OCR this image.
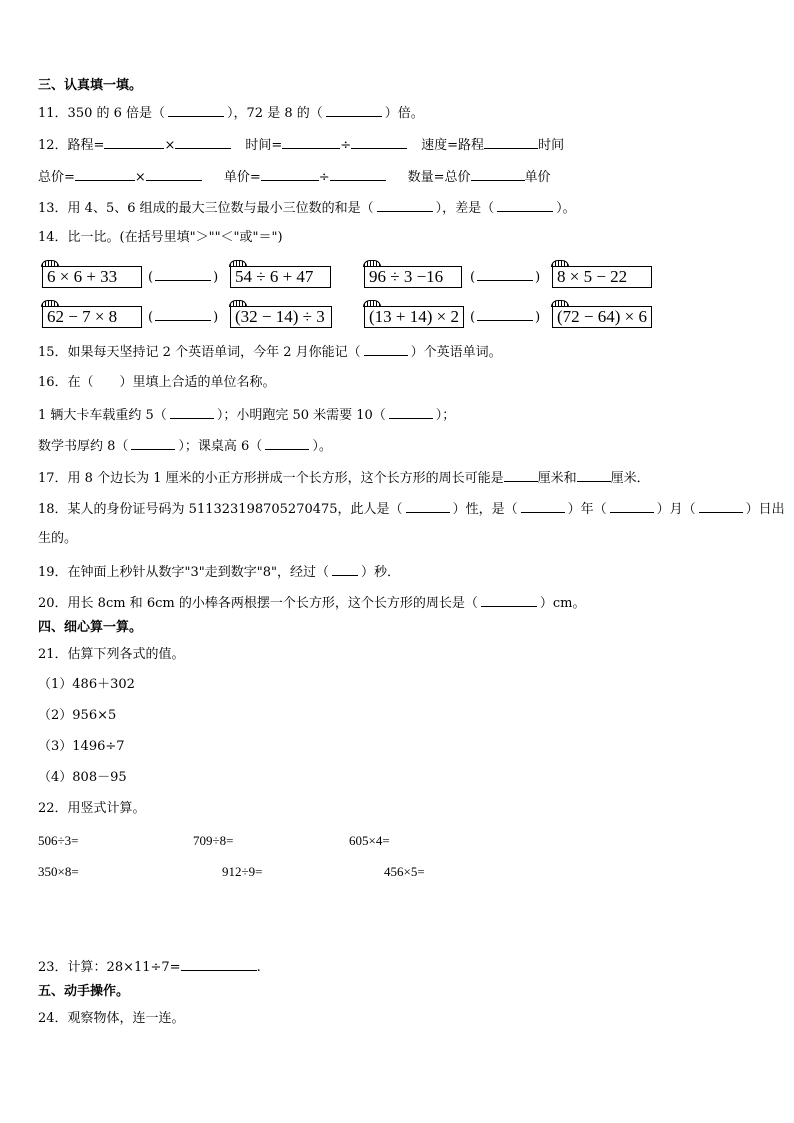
三、认真填一填。
11．350 的 6 倍是（	），72 是 8 的（	）倍。
12．路程=	×	时间=	÷	速度=路程	时间
总价=	×	单价=	÷	数量=总价	单价
13．用 4、5、6 组成的最大三位数与最小三位数的和是（	），差是（	）。
14．比一比。(在括号里填"＞""＜"或"＝")
6 × 6 + 33	(	) 54 ÷ 6 + 47	96 ÷ 3 −16	(	) 8 × 5 − 22
62 − 7 × 8	(	) (32 − 14) ÷ 3	(13 + 14) × 2 (	) (72 − 64) × 6
15．如果每天坚持记 2 个英语单词，今年 2 月你能记（	）个英语单词。
16．在（　　）里填上合适的单位名称。
1 辆大卡车载重约 5（	）；小明跑完 50 米需要 10（	）；
数学书厚约 8（	）；课桌高 6（	）。
17．用 8 个边长为 1 厘米的小正方形拼成一个长方形，这个长方形的周长可能是	厘米和	厘米．
18．某人的身份证号码为 511323198705270475，此人是（	）性，是（	）年（	）月（	）日出
生的。
19．在钟面上秒针从数字"3"走到数字"8"，经过（ ）秒．
20．用长 8cm 和 6cm 的小棒各两根摆一个长方形，这个长方形的周长是（	）cm。
四、细心算一算。
21．估算下列各式的值。
（1）486＋302
（2）956×5
（3）1496÷7
（4）808－95
22．用竖式计算。
506÷3=	709÷8=	605×4=
350×8=	912÷9=	456×5=
23．计算：28×11÷7=	.
五、动手操作。
24．观察物体，连一连。
